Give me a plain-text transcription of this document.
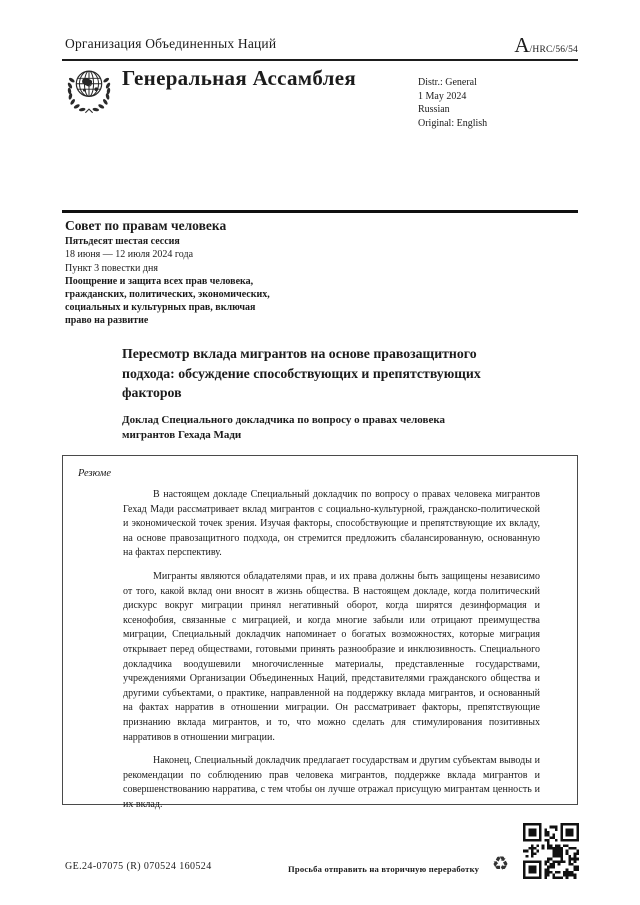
Организация Объединенных Наций	A/HRC/56/54
Генеральная Ассамблея	Distr.: General
1 May 2024
Russian
Original: English
Совет по правам человека
Пятьдесят шестая сессия
18 июня — 12 июля 2024 года
Пункт 3 повестки дня
Поощрение и защита всех прав человека,
гражданских, политических, экономических,
социальных и культурных прав, включая
право на развитие
Пересмотр вклада мигрантов на основе правозащитного подхода: обсуждение способствующих и препятствующих факторов
Доклад Специального докладчика по вопросу о правах человека мигрантов Гехада Мади
Резюме

В настоящем докладе Специальный докладчик по вопросу о правах человека мигрантов Гехад Мади рассматривает вклад мигрантов с социально-культурной, гражданско-политической и экономической точек зрения. Изучая факторы, способствующие и препятствующие их вкладу, на основе правозащитного подхода, он стремится предложить сбалансированную, основанную на фактах перспективу.

Мигранты являются обладателями прав, и их права должны быть защищены независимо от того, какой вклад они вносят в жизнь общества. В настоящем докладе, когда политический дискурс вокруг миграции принял негативный оборот, когда ширятся дезинформация и ксенофобия, связанные с миграцией, и когда многие забыли или отрицают преимущества миграции, Специальный докладчик напоминает о богатых возможностях, которые миграция открывает перед обществами, готовыми принять разнообразие и инклюзивность. Специального докладчика воодушевили многочисленные материалы, представленные государствами, учреждениями Организации Объединенных Наций, представителями гражданского общества и другими субъектами, о практике, направленной на поддержку вклада мигрантов, и основанный на фактах нарратив в отношении миграции. Он рассматривает факторы, препятствующие признанию вклада мигрантов, и то, что можно сделать для стимулирования позитивных нарративов в отношении миграции.

Наконец, Специальный докладчик предлагает государствам и другим субъектам выводы и рекомендации по соблюдению прав человека мигрантов, поддержке вклада мигрантов и совершенствованию нарратива, с тем чтобы он лучше отражал присущую мигрантам ценность и их вклад.

GE.24-07075 (R) 070524 160524	Просьба отправить на вторичную переработку ♻
